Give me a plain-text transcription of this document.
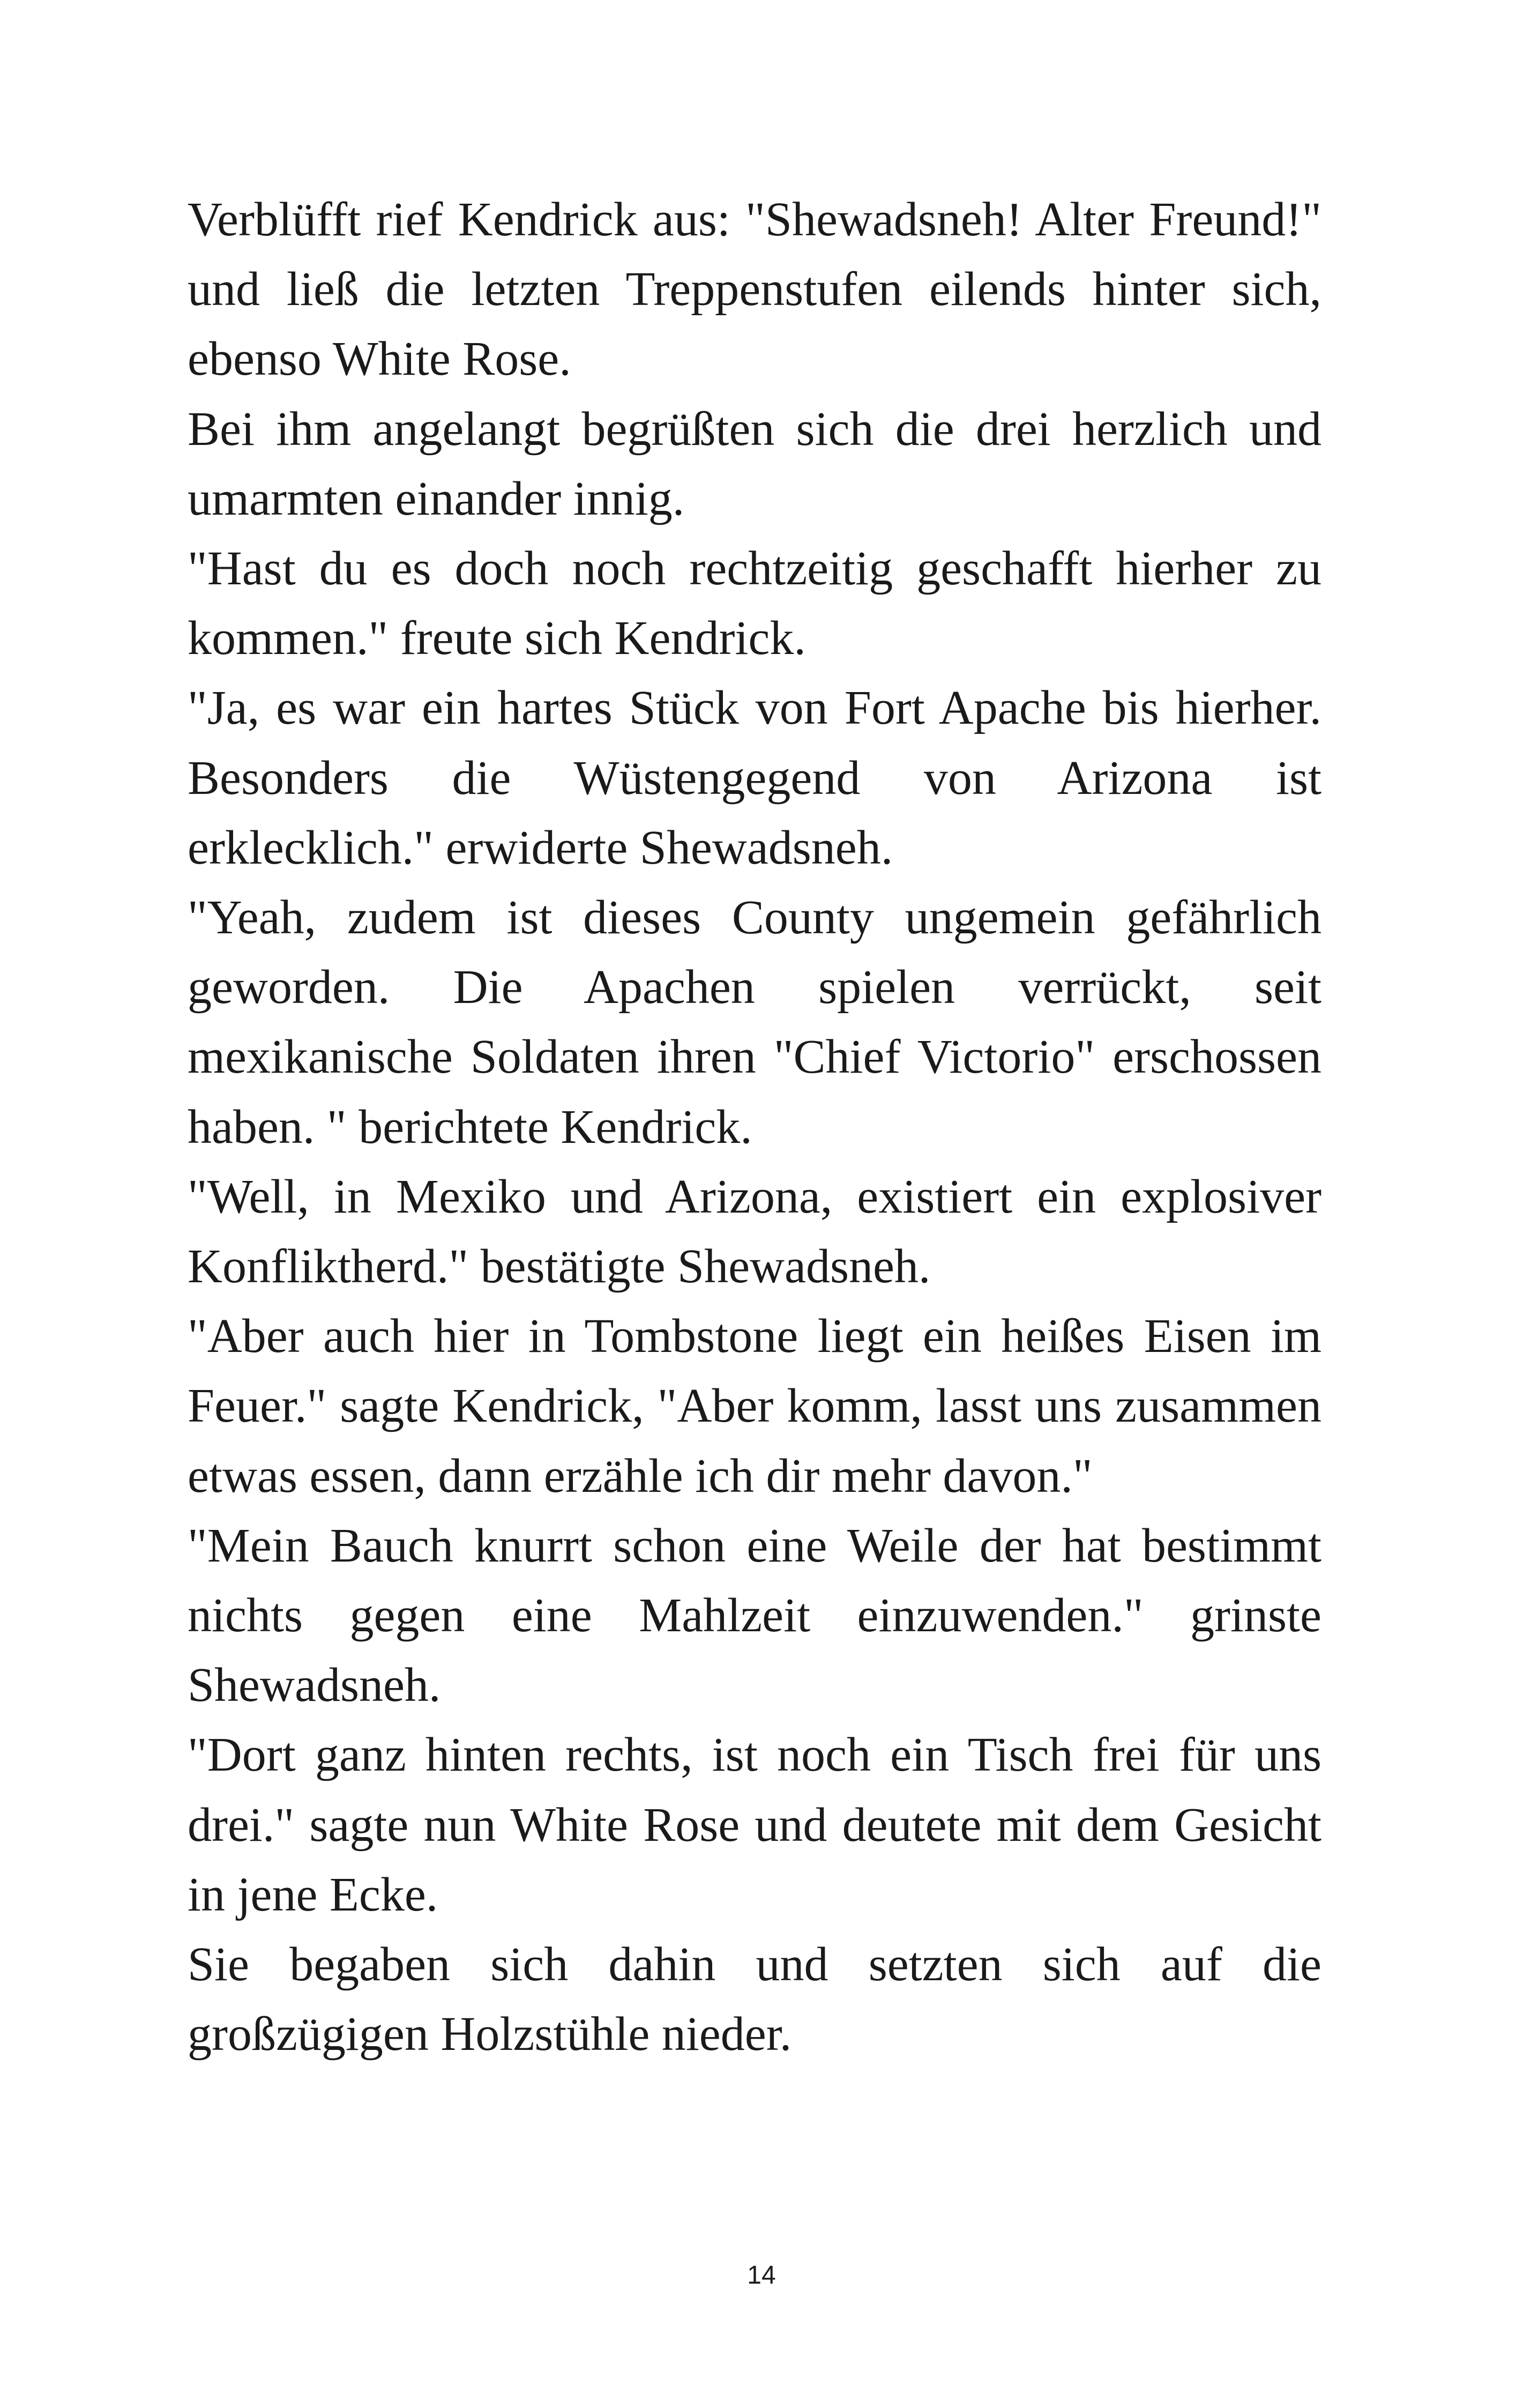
Verblüfft rief Kendrick aus: "Shewadsneh! Alter Freund!" und ließ die letzten Treppenstufen eilends hinter sich, ebenso White Rose.

Bei ihm angelangt begrüßten sich die drei herzlich und umarmten einander innig.

"Hast du es doch noch rechtzeitig geschafft hierher zu kommen." freute sich Kendrick.

"Ja, es war ein hartes Stück von Fort Apache bis hierher. Besonders die Wüstengegend von Arizona ist erklecklich." erwiderte Shewadsneh.

"Yeah, zudem ist dieses County ungemein gefährlich geworden. Die Apachen spielen verrückt, seit mexikanische Soldaten ihren "Chief Victorio" erschossen haben. " berichtete Kendrick.

"Well, in Mexiko und Arizona, existiert ein explosiver Konfliktherd." bestätigte Shewadsneh.

"Aber auch hier in Tombstone liegt ein heißes Eisen im Feuer." sagte Kendrick, "Aber komm, lasst uns zusammen etwas essen, dann erzähle ich dir mehr davon."

"Mein Bauch knurrt schon eine Weile der hat bestimmt nichts gegen eine Mahlzeit einzuwenden." grinste Shewadsneh.

"Dort ganz hinten rechts, ist noch ein Tisch frei für uns drei." sagte nun White Rose und deutete mit dem Gesicht in jene Ecke.

Sie begaben sich dahin und setzten sich auf die großzügigen Holzstühle nieder.

14
